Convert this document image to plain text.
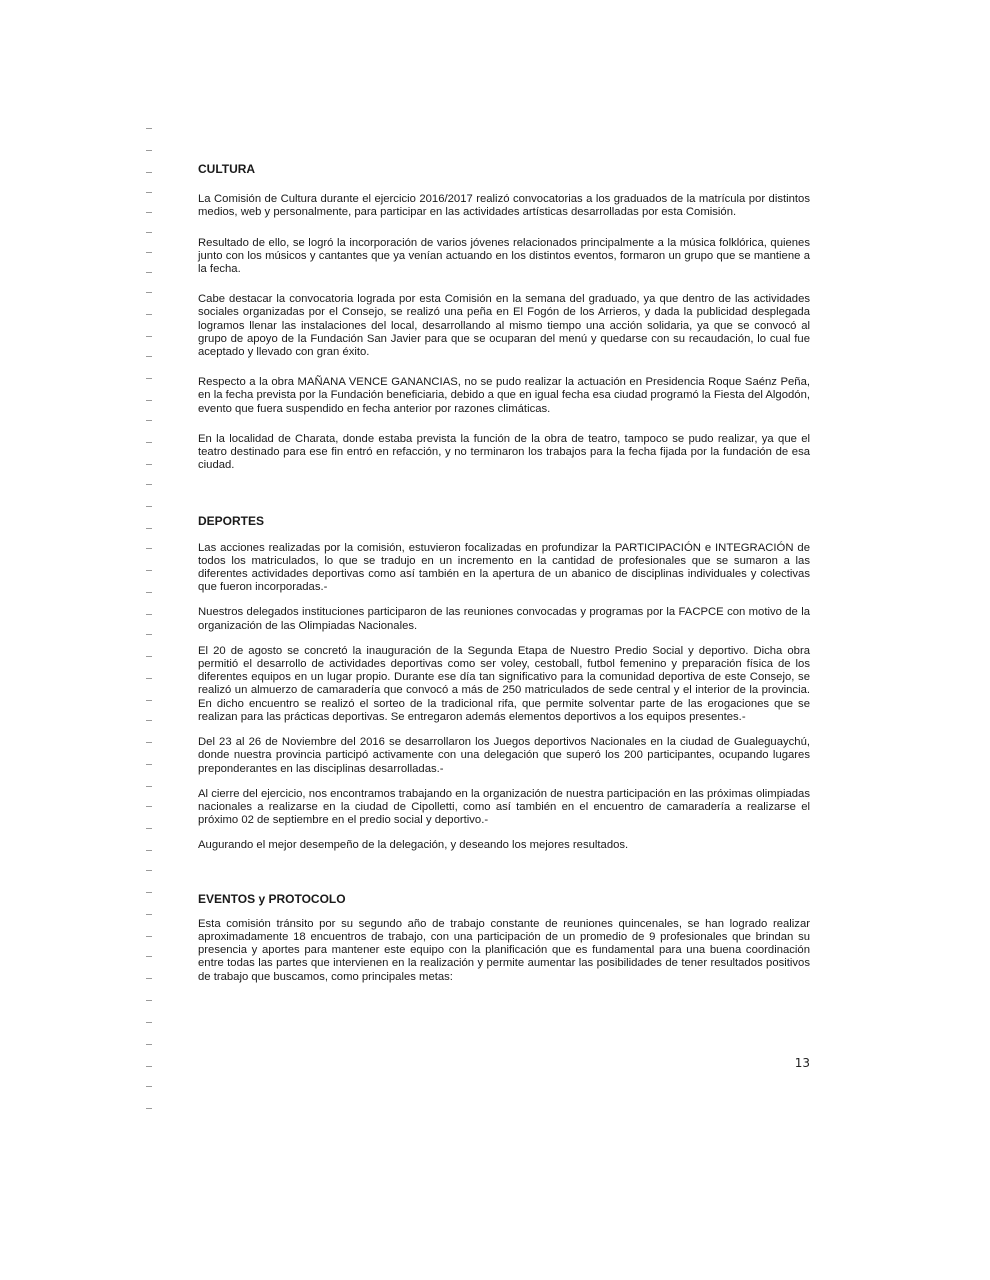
CULTURA

La Comisión de Cultura durante el ejercicio 2016/2017 realizó convocatorias a los graduados de la matrícula por distintos medios, web y personalmente, para participar en las actividades artísticas desarrolladas por esta Comisión.

Resultado de ello, se logró la incorporación de varios jóvenes relacionados principalmente a la música folklórica, quienes junto con los músicos y cantantes que ya venían actuando en los distintos eventos, formaron un grupo que se mantiene a la fecha.

Cabe destacar la convocatoria lograda por esta Comisión en la semana del graduado, ya que dentro de las actividades sociales organizadas por el Consejo, se realizó una peña en El Fogón de los Arrieros, y dada la publicidad desplegada logramos llenar las instalaciones del local, desarrollando al mismo tiempo una acción solidaria, ya que se convocó al grupo de apoyo de la Fundación San Javier para que se ocuparan del menú y quedarse con su recaudación, lo cual fue aceptado y llevado con gran éxito.

Respecto a la obra MAÑANA VENCE GANANCIAS, no se pudo realizar la actuación en Presidencia Roque Saénz Peña, en la fecha prevista por la Fundación beneficiaria, debido a que en igual fecha esa ciudad programó la Fiesta del Algodón, evento que fuera suspendido en fecha anterior por razones climáticas.

En la localidad de Charata, donde estaba prevista la función de la obra de teatro, tampoco se pudo realizar, ya que el teatro destinado para ese fin entró en refacción, y no terminaron los trabajos para la fecha fijada por la fundación de esa ciudad.

DEPORTES

Las acciones realizadas por la comisión, estuvieron focalizadas en profundizar la PARTICIPACIÓN e INTEGRACIÓN de todos los matriculados, lo que se tradujo en un incremento en la cantidad de profesionales que se sumaron a las diferentes actividades deportivas como así también en la apertura de un abanico de disciplinas individuales y colectivas que fueron incorporadas.-

Nuestros delegados instituciones participaron de las reuniones convocadas y programas por la FACPCE con motivo de la organización de las Olimpiadas Nacionales.

El 20 de agosto se concretó la inauguración de la Segunda Etapa de Nuestro Predio Social y deportivo. Dicha obra permitió el desarrollo de actividades deportivas como ser voley, cestoball, futbol femenino y preparación física de los diferentes equipos en un lugar propio. Durante ese día tan significativo para la comunidad deportiva de este Consejo, se realizó un almuerzo de camaradería que convocó a más de 250 matriculados de sede central y el interior de la provincia. En dicho encuentro se realizó el sorteo de la tradicional rifa, que permite solventar parte de las erogaciones que se realizan para las prácticas deportivas. Se entregaron además elementos deportivos a los equipos presentes.-

Del 23 al 26 de Noviembre del 2016 se desarrollaron los Juegos deportivos Nacionales en la ciudad de Gualeguaychú, donde nuestra provincia participó activamente con una delegación que superó los 200 participantes, ocupando lugares preponderantes en las disciplinas desarrolladas.-

Al cierre del ejercicio, nos encontramos trabajando en la organización de nuestra participación en las próximas olimpiadas nacionales a realizarse en la ciudad de Cipolletti, como así también en el encuentro de camaradería a realizarse el próximo 02 de septiembre en el predio social y deportivo.-

Augurando el mejor desempeño de la delegación, y deseando los mejores resultados.

EVENTOS y PROTOCOLO

Esta comisión tránsito por su segundo año de trabajo constante de reuniones quincenales, se han logrado realizar aproximadamente 18 encuentros de trabajo, con una participación de un promedio de 9 profesionales que brindan su presencia y aportes para mantener este equipo con la planificación que es fundamental para una buena coordinación entre todas las partes que intervienen en la realización y permite aumentar las posibilidades de tener resultados positivos de trabajo que buscamos, como principales metas:

13
